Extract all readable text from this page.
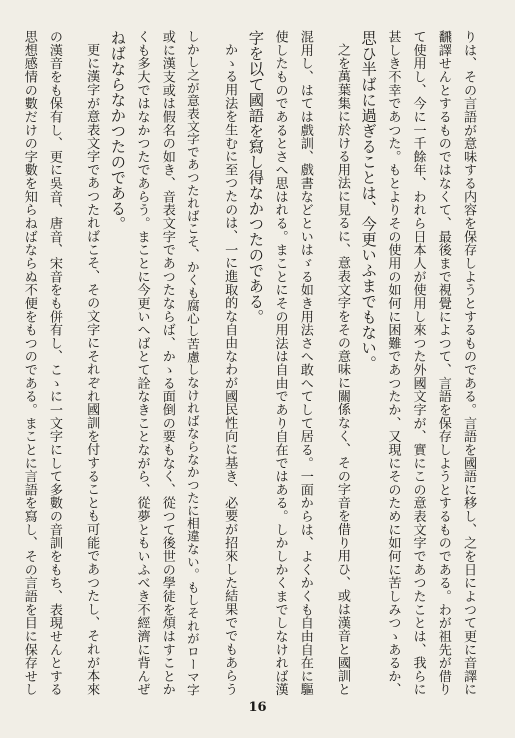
りは、その言語が意味する内容を保存しようとするものである。言語を國語に移し、之を日によつて更に音譯に
飜譯せんとするものではなくて、最後まで視覺によつて、言語を保存しようとするものである。わが祖先が借り
て使用し、今に一千餘年、われら日本人が使用し來つた外國文字が、實にこの意表文字であつたことは、我らに
甚しき不幸であつた。もとよりその使用の如何に困難であつたか、又現にそのために如何に苦しみつゝあるか、
思ひ半ばに過ぎることは、今更いふまでもない。
之を萬葉集に於ける用法に見るに、意表文字をその意味に關係なく、その字音を借り用ひ、或は漢音と國訓と
混用し、はては戲訓、戲書などといはゞる如き用法さへ敢へてして居る。一面からは、よくかくも自由自在に驅
使したものであるとさへ思はれる。まことにその用法は自由であり自在ではある。しかしかくまでしなければ漢
字を以て國語を寫し得なかつたのである。
かゝる用法を生むに至つたのは、一に進取的な自由なわが國民性向に基き、必要が招來した結果ででもあらう
しかし之が意表文字であつたればこそ、かくも腐心し苦慮しなければならなかつたに相違ない。もしそれがローマ字
或に漢支或は假名の如き、音表文字であつたならば、かゝる面倒の要もなく、從つて後世の學徒を煩はすことか
くも多大ではなかつたであらう。まことに今更いへばとて詮なきことながら、從夢ともいふべき不經濟に背んぜ
ねばならなかつたのである。
更に漢字が意表文字であつたればこそ、その文字にそれぞれ國訓を付することも可能であつたし、それが本來
の漢音をも保有し、更に吳音、唐音、宋音をも併有し、こゝに一文字にして多數の音訓をもち、表現せんとする
思想感情の數だけの字數を知らねばならぬ不便をもつのである。まことに言語を寫し、その言語を目に保存せし
16
